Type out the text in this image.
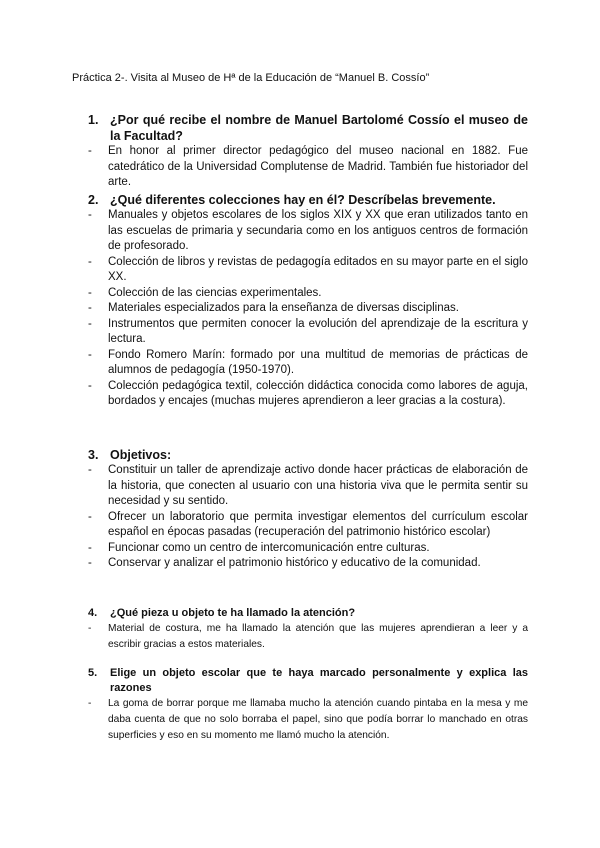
Práctica 2-. Visita al Museo de Hª de la Educación de “Manuel B. Cossío”
1. ¿Por qué recibe el nombre de Manuel Bartolomé Cossío el museo de la Facultad?
- En honor al primer director pedagógico del museo nacional en 1882. Fue catedrático de la Universidad Complutense de Madrid. También fue historiador del arte.
2. ¿Qué diferentes colecciones hay en él? Descríbelas brevemente.
- Manuales y objetos escolares de los siglos XIX y XX que eran utilizados tanto en las escuelas de primaria y secundaria como en los antiguos centros de formación de profesorado.
- Colección de libros y revistas de pedagogía editados en su mayor parte en el siglo XX.
- Colección de las ciencias experimentales.
- Materiales especializados para la enseñanza de diversas disciplinas.
- Instrumentos que permiten conocer la evolución del aprendizaje de la escritura y lectura.
- Fondo Romero Marín: formado por una multitud de memorias de prácticas de alumnos de pedagogía (1950-1970).
- Colección pedagógica textil, colección didáctica conocida como labores de aguja, bordados y encajes (muchas mujeres aprendieron a leer gracias a la costura).
3. Objetivos:
- Constituir un taller de aprendizaje activo donde hacer prácticas de elaboración de la historia, que conecten al usuario con una historia viva que le permita sentir su necesidad y su sentido.
- Ofrecer un laboratorio que permita investigar elementos del currículum escolar español en épocas pasadas (recuperación del patrimonio histórico escolar)
- Funcionar como un centro de intercomunicación entre culturas.
- Conservar y analizar el patrimonio histórico y educativo de la comunidad.
4. ¿Qué pieza u objeto te ha llamado la atención?
- Material de costura, me ha llamado la atención que las mujeres aprendieran a leer y a escribir gracias a estos materiales.
5. Elige un objeto escolar que te haya marcado personalmente y explica las razones
- La goma de borrar porque me llamaba mucho la atención cuando pintaba en la mesa y me daba cuenta de que no solo borraba el papel, sino que podía borrar lo manchado en otras superficies y eso en su momento me llamó mucho la atención.
